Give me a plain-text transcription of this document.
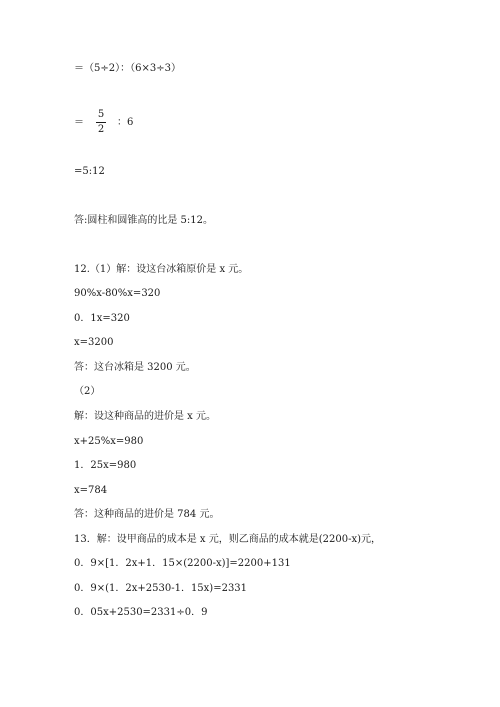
＝（5÷2）：（6×3÷3）
＝
5
2
：6
=5:12
答:圆柱和圆锥高的比是 5:12。
12.（1）解：设这台冰箱原价是 x 元。
90%x-80%x=320
0．1x=320
x=3200
答：这台冰箱是 3200 元。
（2）
解：设这种商品的进价是 x 元。
x+25%x=980
1．25x=980
x=784
答：这种商品的进价是 784 元。
13．解：设甲商品的成本是 x 元，则乙商品的成本就是(2200-x)元，
0．9×[1．2x+1．15×(2200-x)]=2200+131
0．9×(1．2x+2530-1．15x)=2331
0．05x+2530=2331÷0．9
